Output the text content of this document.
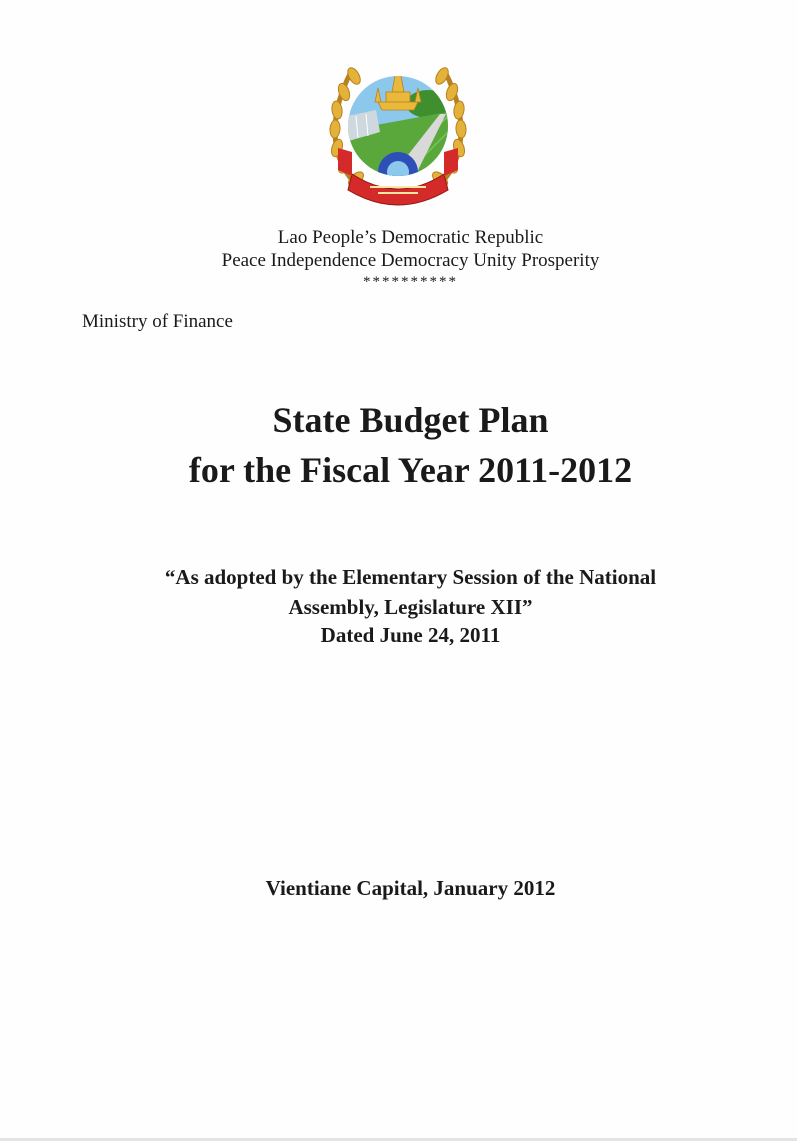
Lao People’s Democratic Republic
Peace Independence Democracy Unity Prosperity
**********
Ministry of Finance
State Budget Plan
for the Fiscal Year 2011-2012
“As adopted by the Elementary Session of the National
Assembly, Legislature XII”
Dated June 24, 2011
Vientiane Capital, January 2012
